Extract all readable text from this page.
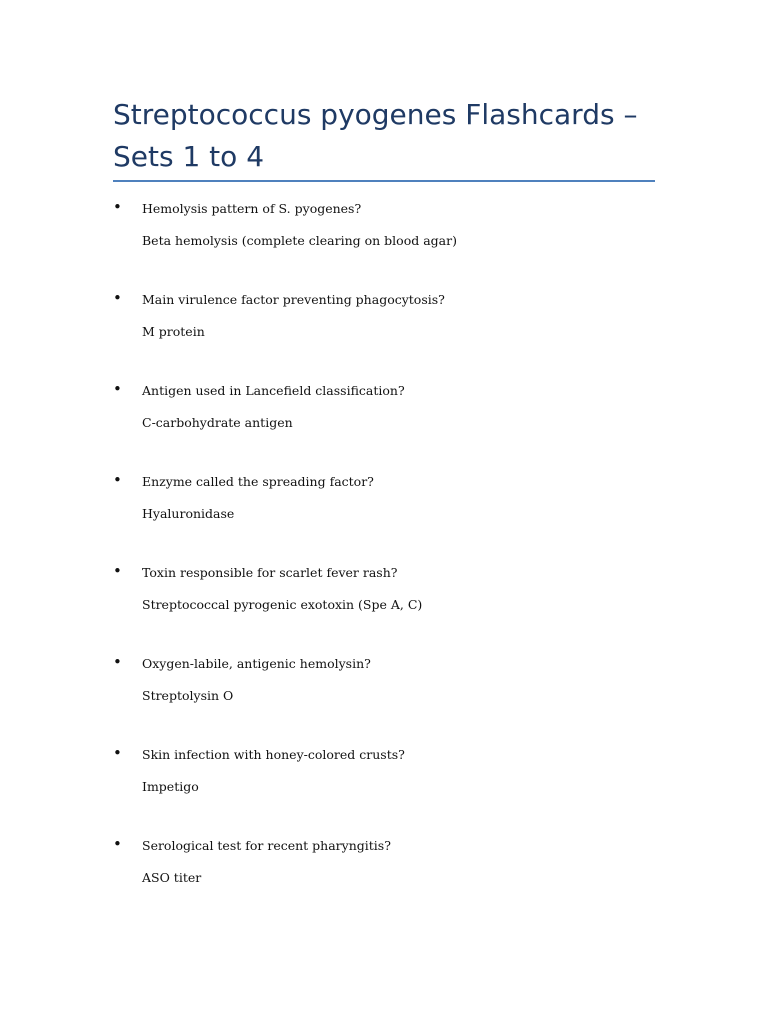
Streptococcus pyogenes Flashcards – Sets 1 to 4
• Hemolysis pattern of S. pyogenes?
Beta hemolysis (complete clearing on blood agar)
• Main virulence factor preventing phagocytosis?
M protein
• Antigen used in Lancefield classification?
C-carbohydrate antigen
• Enzyme called the spreading factor?
Hyaluronidase
• Toxin responsible for scarlet fever rash?
Streptococcal pyrogenic exotoxin (Spe A, C)
• Oxygen-labile, antigenic hemolysin?
Streptolysin O
• Skin infection with honey-colored crusts?
Impetigo
• Serological test for recent pharyngitis?
ASO titer
